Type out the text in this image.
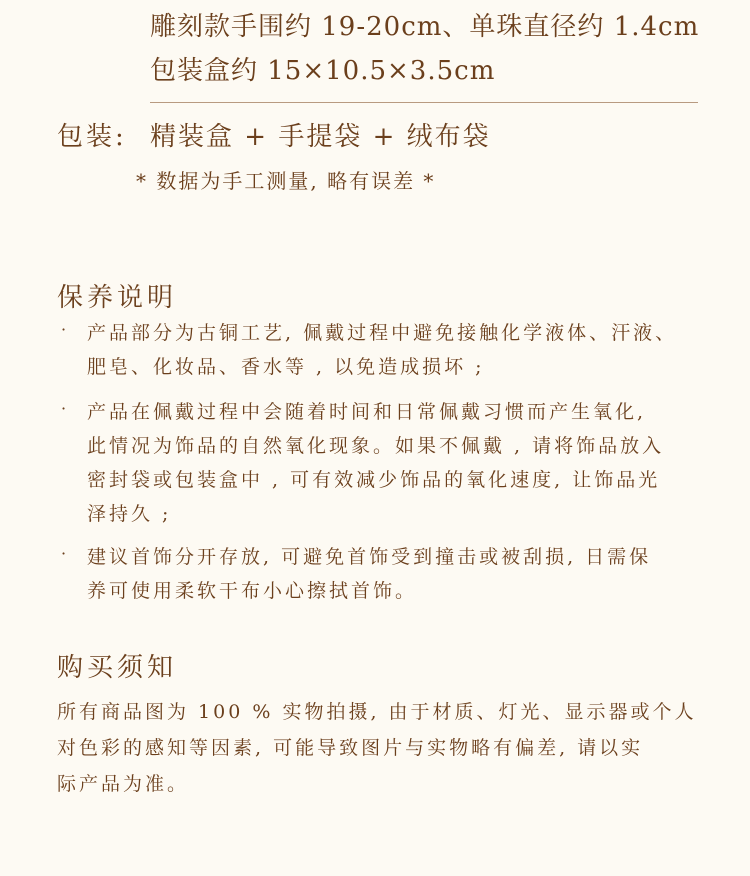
雕刻款手围约 19-20cm、单珠直径约 1.4cm
包装盒约 15×10.5×3.5cm
包装: 精装盒 + 手提袋 + 绒布袋
* 数据为手工测量, 略有误差 *
保养说明
· 产品部分为古铜工艺, 佩戴过程中避免接触化学液体、汗液、
肥皂、化妆品、香水等 , 以免造成损坏 ;
· 产品在佩戴过程中会随着时间和日常佩戴习惯而产生氧化,
此情况为饰品的自然氧化现象。如果不佩戴 , 请将饰品放入
密封袋或包装盒中 , 可有效减少饰品的氧化速度, 让饰品光
泽持久 ;
· 建议首饰分开存放, 可避免首饰受到撞击或被刮损, 日需保
养可使用柔软干布小心擦拭首饰。
购买须知
所有商品图为 100 % 实物拍摄, 由于材质、灯光、显示器或个人
对色彩的感知等因素, 可能导致图片与实物略有偏差, 请以实
际产品为准。
